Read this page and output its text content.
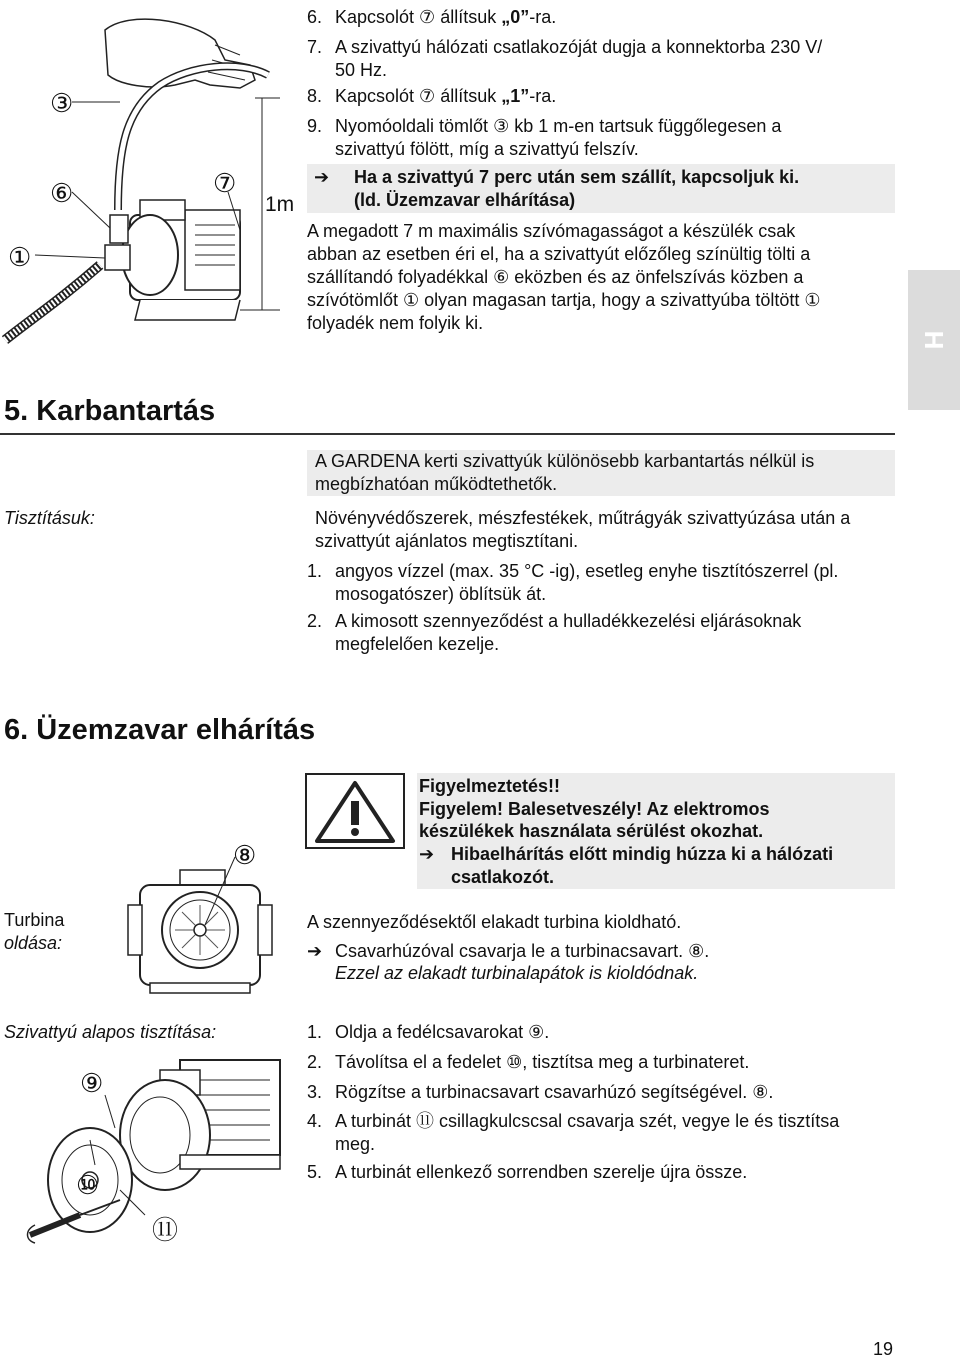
③
⑥
①
⑦
1m
6. Kapcsolót ⑦ állítsuk „0”-ra.
7. A szivattyú hálózati csatlakozóját dugja a konnektorba 230 V/
50 Hz.
8. Kapcsolót ⑦ állítsuk „1”-ra.
9. Nyomóoldali tömlőt ③ kb 1 m-en tartsuk függőlegesen a
szivattyú fölött, míg a szivattyú felszív.
➔ Ha a szivattyú 7 perc után sem szállít, kapcsoljuk ki.
(ld. Üzemzavar elhárítása)
A megadott 7 m maximális szívómagasságot a készülék csak
abban az esetben éri el, ha a szivattyút előzőleg színültig tölti a
szállítandó folyadékkal ⑥ eközben és az önfelszívás közben a
szívótömlőt ① olyan magasan tartja, hogy a szivattyúba töltött ①
folyadék nem folyik ki.
H
5. Karbantartás
A GARDENA kerti szivattyúk különösebb karbantartás nélkül is
megbízhatóan működtethetők.
Tisztításuk:	Növényvédőszerek, mészfestékek, műtrágyák szivattyúzása után a
szivattyút ajánlatos megtisztítani.
1. angyos vízzel (max. 35 °C -ig), esetleg enyhe tisztítószerrel (pl.
mosogatószer) öblítsük át.
2. A kimosott szennyeződést a hulladékkezelési eljárásoknak
megfelelően kezelje.
6. Üzemzavar elhárítás
Figyelmeztetés!!
Figyelem! Balesetveszély! Az elektromos
készülékek használata sérülést okozhat.
➔ Hibaelhárítás előtt mindig húzza ki a hálózati
csatlakozót.
⑧
Turbina
oldása:
A szennyeződésektől elakadt turbina kioldható.
➔ Csavarhúzóval csavarja le a turbinacsavart. ⑧.
Ezzel az elakadt turbinalapátok is kioldódnak.
Szivattyú alapos tisztítása:
⑨
⑩
⑪
1. Oldja a fedélcsavarokat ⑨.
2. Távolítsa el a fedelet ⑩, tisztítsa meg a turbinateret.
3. Rögzítse a turbinacsavart csavarhúzó segítségével. ⑧.
4. A turbinát ⑪ csillagkulcscsal csavarja szét, vegye le és tisztítsa
meg.
5. A turbinát ellenkező sorrendben szerelje újra össze.
19
